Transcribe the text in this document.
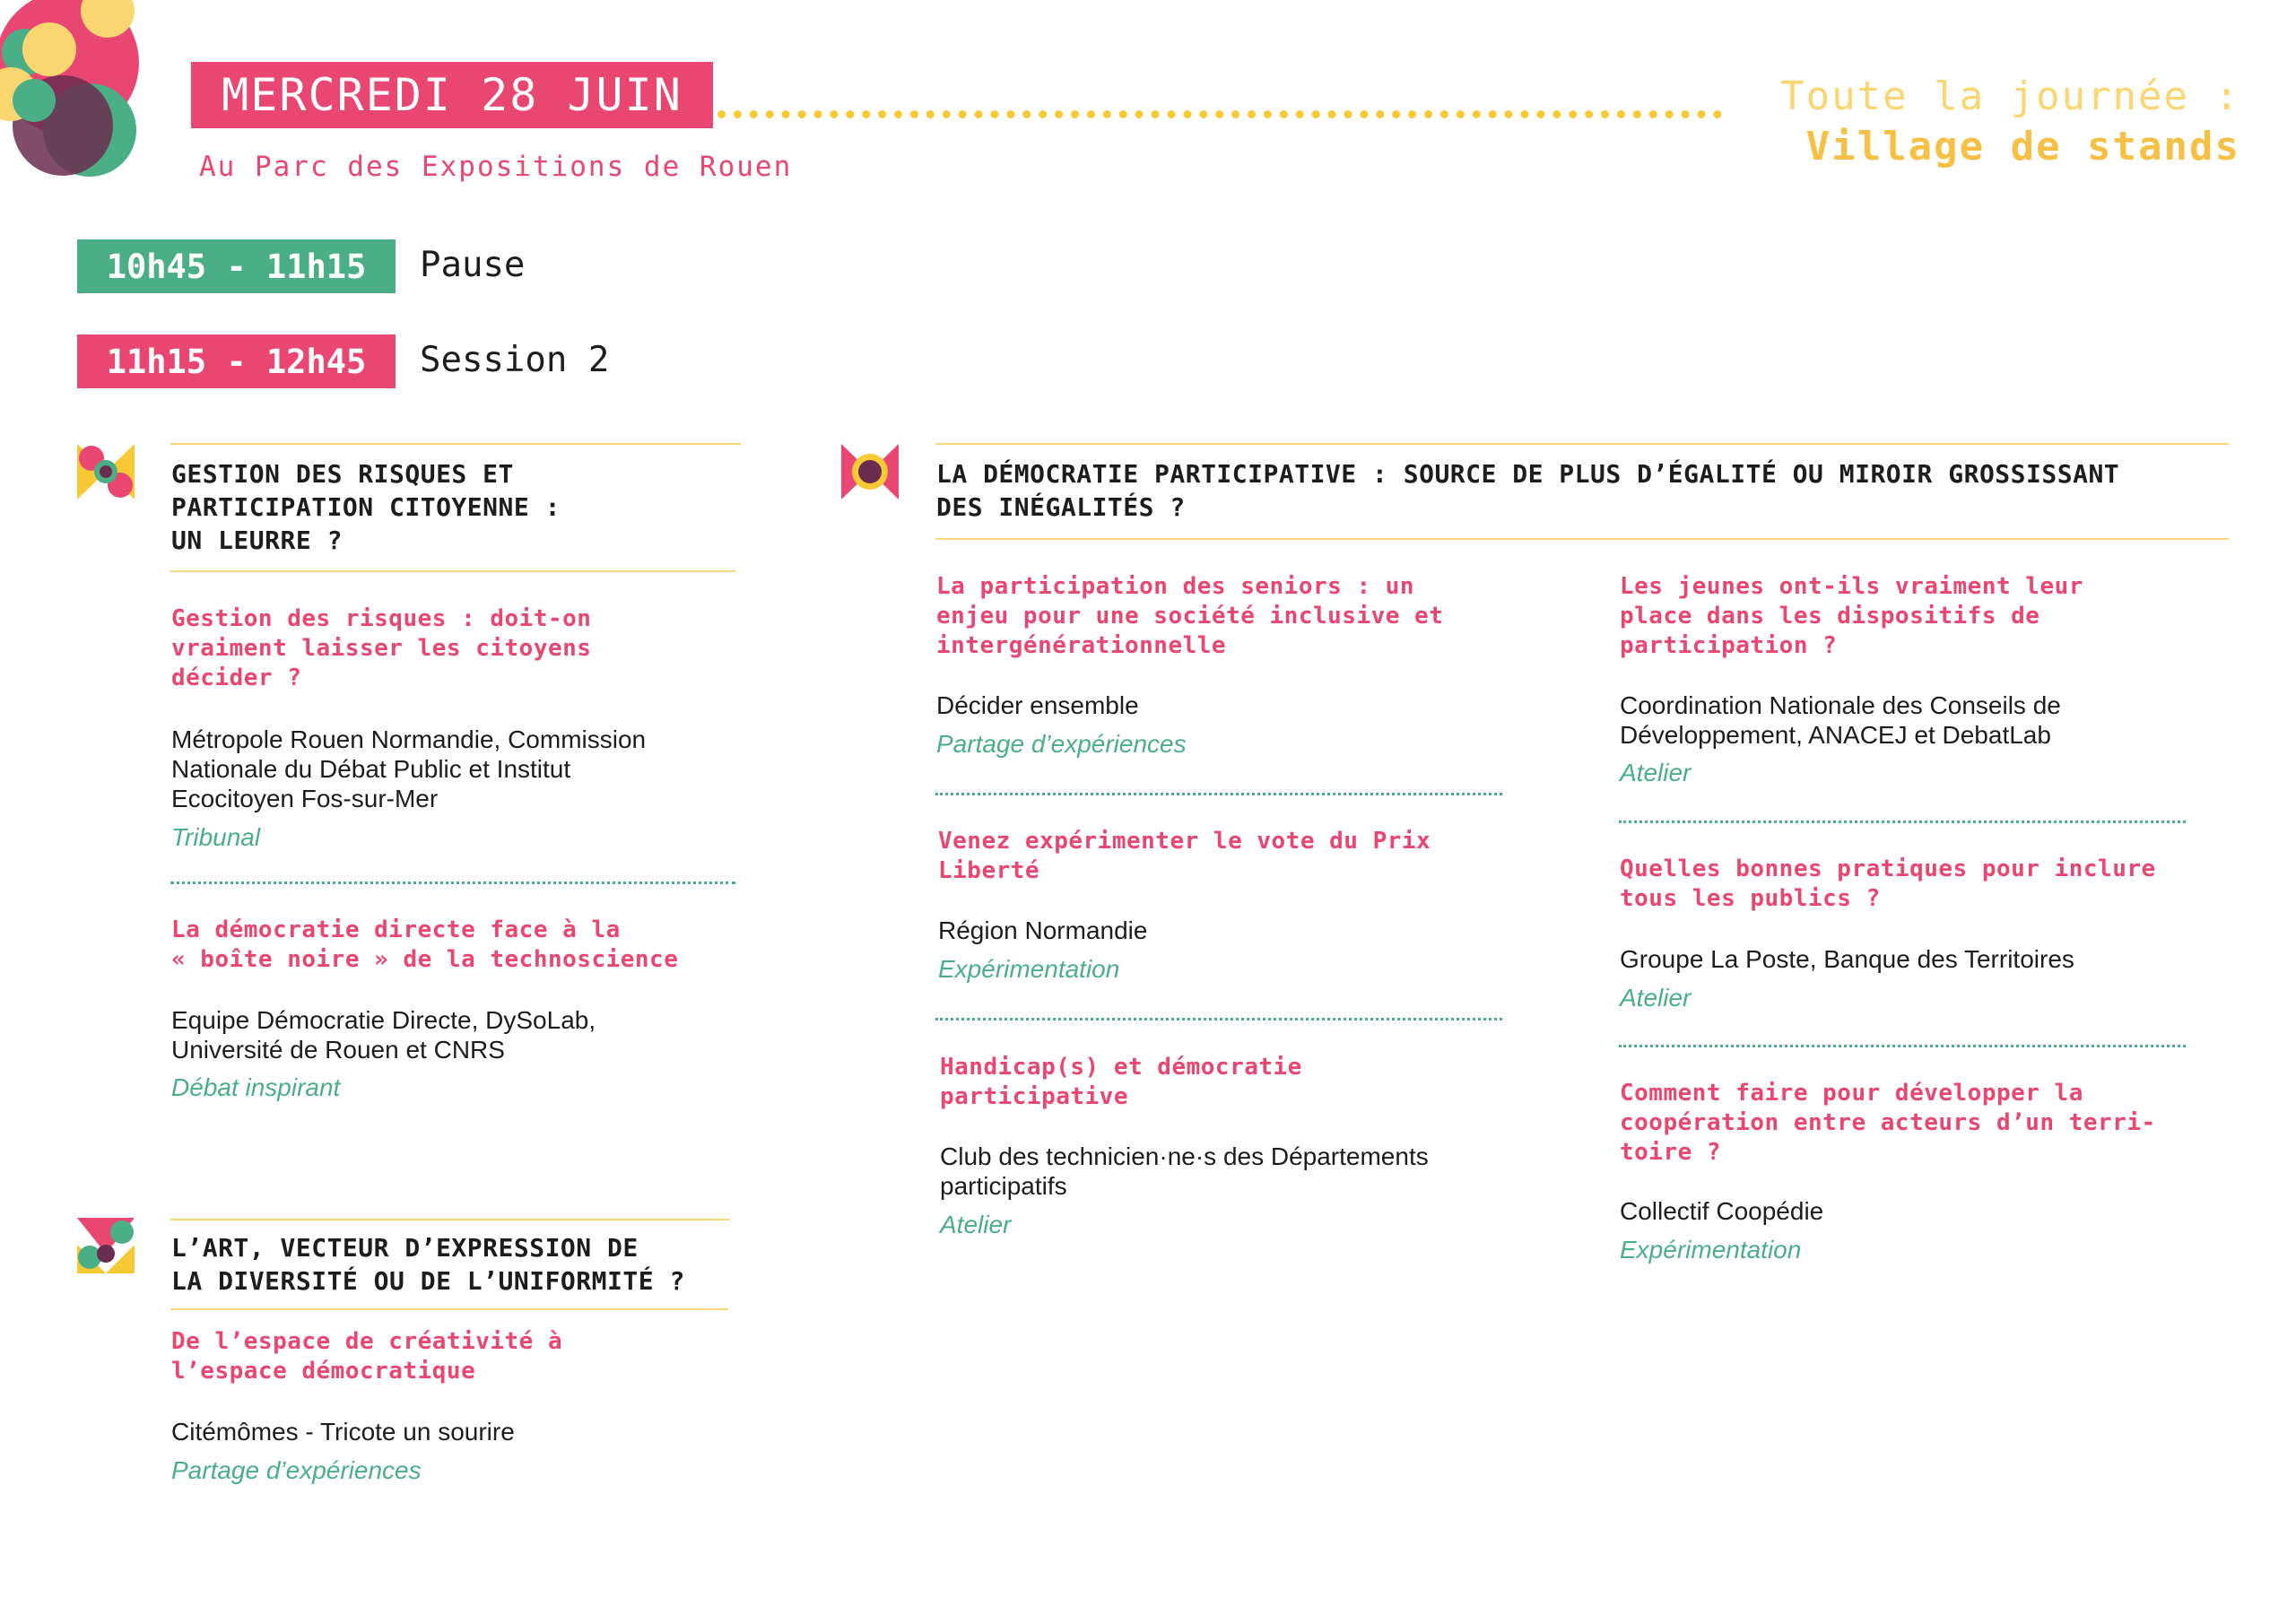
MERCREDI 28 JUIN
Au Parc des Expositions de Rouen
Toute la journée :
Village de stands
10h45 - 11h15	Pause
11h15 - 12h45	Session 2
GESTION DES RISQUES ET
PARTICIPATION CITOYENNE :
UN LEURRE ?
Gestion des risques : doit-on
vraiment laisser les citoyens
décider ?
Métropole Rouen Normandie, Commission
Nationale du Débat Public et Institut
Ecocitoyen Fos-sur-Mer
Tribunal
La démocratie directe face à la
« boîte noire » de la technoscience
Equipe Démocratie Directe, DySoLab,
Université de Rouen et CNRS
Débat inspirant
L’ART, VECTEUR D’EXPRESSION DE
LA DIVERSITÉ OU DE L’UNIFORMITÉ ?
De l’espace de créativité à
l’espace démocratique
Citémômes - Tricote un sourire
Partage d’expériences
LA DÉMOCRATIE PARTICIPATIVE : SOURCE DE PLUS D’ÉGALITÉ OU MIROIR GROSSISSANT
DES INÉGALITÉS ?
La participation des seniors : un
enjeu pour une société inclusive et
intergénérationnelle
Décider ensemble
Partage d’expériences
Venez expérimenter le vote du Prix
Liberté
Région Normandie
Expérimentation
Handicap(s) et démocratie
participative
Club des technicien·ne·s des Départements
participatifs
Atelier
Les jeunes ont-ils vraiment leur
place dans les dispositifs de
participation ?
Coordination Nationale des Conseils de
Développement, ANACEJ et DebatLab
Atelier
Quelles bonnes pratiques pour inclure
tous les publics ?
Groupe La Poste, Banque des Territoires
Atelier
Comment faire pour développer la
coopération entre acteurs d’un terri-
toire ?
Collectif Coopédie
Expérimentation
